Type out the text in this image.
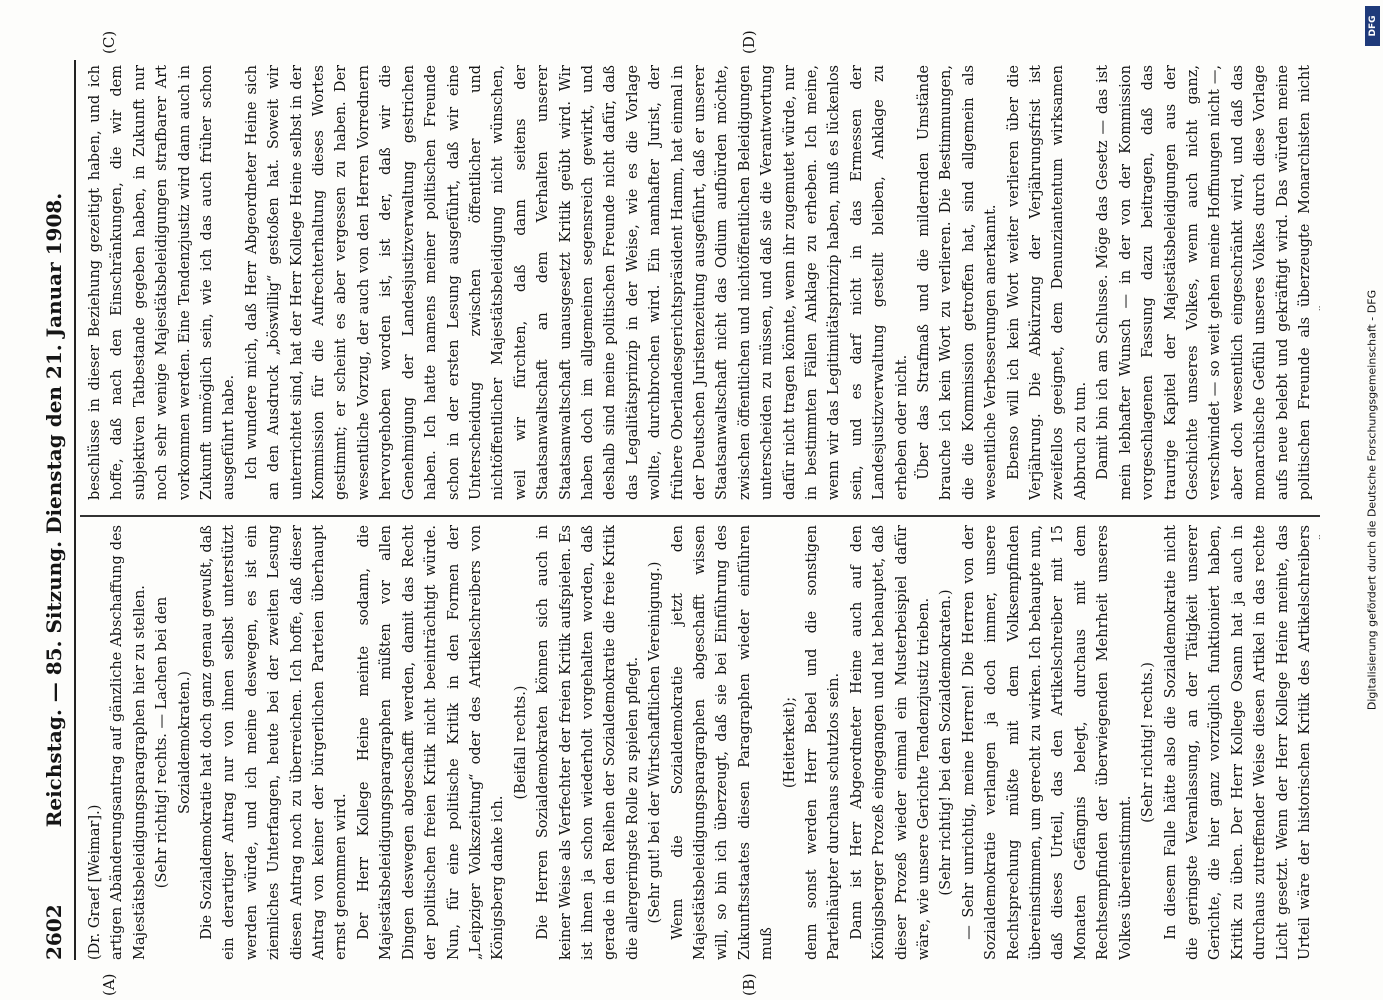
2602
Reichstag. — 85. Sitzung. Dienstag den 21. Januar 1908.
(A)	(B)
(C)	(D)

(Dr. Graef [Weimar].) artigen Abänderungsantrag auf gänzliche Abschaffung des Majestätsbeleidigungsparagraphen hier zu stellen. (Sehr richtig! rechts. — Lachen bei den Sozialdemokraten.) Die Sozialdemokratie hat doch ganz genau gewußt, daß ein derartiger Antrag nur von ihnen selbst unterstützt werden würde, und ich meine deswegen, es ist ein ziemliches Unterfangen, heute bei der zweiten Lesung diesen Antrag noch zu überreichen. Ich hoffe, daß dieser Antrag von keiner der bürgerlichen Parteien überhaupt ernst genommen wird. Der Herr Kollege Heine meinte sodann, die Majestätsbeleidigungsparagraphen müßten vor allen Dingen deswegen abgeschafft werden, damit das Recht der politischen freien Kritik nicht beeinträchtigt würde. Nun, für eine politische Kritik in den Formen der „Leipziger Volkszeitung“ oder des Artikelschreibers von Königsberg danke ich.

(Beifall rechts.) Die Herren Sozialdemokraten können sich auch in keiner Weise als Verfechter der freien Kritik aufspielen. Es ist ihnen ja schon wiederholt vorgehalten worden, daß gerade in den Reihen der Sozialdemokratie die freie Kritik die allergeringste Rolle zu spielen pflegt. (Sehr gut! bei der Wirtschaftlichen Vereinigung.) Wenn die Sozialdemokratie jetzt den Majestätsbeleidigungsparagraphen abgeschafft wissen will, so bin ich überzeugt, daß sie bei Einführung des Zukunftsstaates diesen Paragraphen wieder einführen muß

(Heiterkeit); denn sonst werden Herr Bebel und die sonstigen Parteihäupter durchaus schutzlos sein. Dann ist Herr Abgeordneter Heine auch auf den Königsberger Prozeß eingegangen und hat behauptet, daß dieser Prozeß wieder einmal ein Musterbeispiel dafür wäre, wie unsere Gerichte Tendenzjustiz trieben. (Sehr richtig! bei den Sozialdemokraten.) — Sehr unrichtig, meine Herren! Die Herren von der Sozialdemokratie verlangen ja doch immer, unsere Rechtsprechung müßte mit dem Volksempfinden übereinstimmen, um gerecht zu wirken. Ich behaupte nun, daß dieses Urteil, das den Artikelschreiber mit 15 Monaten Gefängnis belegt, durchaus mit dem Rechtsempfinden der überwiegenden Mehrheit unseres Volkes übereinstimmt.

(Sehr richtig! rechts.)

In diesem Falle hätte also die Sozialdemokratie nicht die geringste Veranlassung, an der Tätigkeit unserer Gerichte, die hier ganz vorzüglich funktioniert haben, Kritik zu üben. Der Herr Kollege Osann hat ja auch in durchaus zutreffender Weise diesen Artikel in das rechte Licht gesetzt. Wenn der Herr Kollege Heine meinte, das Urteil wäre der historischen Kritik des Artikelschreibers

beschlüsse in dieser Beziehung gezeitigt haben, und ich hoffe, daß nach den Einschränkungen, die wir dem subjektiven Tatbestande gegeben haben, in Zukunft nur noch sehr wenige Majestätsbeleidigungen strafbarer Art vorkommen werden. Eine Tendenzjustiz wird dann auch in Zukunft unmöglich sein, wie ich das auch früher schon ausgeführt habe. Ich wundere mich, daß Herr Abgeordneter Heine sich an den Ausdruck „böswillig“ gestoßen hat. Soweit wir unterrichtet sind, hat der Herr Kollege Heine selbst in der Kommission für die Aufrechterhaltung dieses Wortes gestimmt; er scheint es aber vergessen zu haben. Der wesentliche Vorzug, der auch von den Herren Vorrednern hervorgehoben worden ist, ist der, daß wir die Genehmigung der Landesjustizverwaltung gestrichen haben. Ich hatte namens meiner politischen Freunde schon in der ersten Lesung ausgeführt, daß wir eine Unterscheidung zwischen öffentlicher und nichtöffentlicher Majestätsbeleidigung nicht wünschen, weil wir fürchten, daß dann seitens der Staatsanwaltschaft an dem Verhalten unserer Staatsanwaltschaft unausgesetzt Kritik geübt wird. Wir haben doch im allgemeinen segensreich gewirkt, und deshalb sind meine politischen Freunde nicht dafür, daß das Legalitätsprinzip in der Weise, wie es die Vorlage wollte, durchbrochen wird. Ein namhafter Jurist, der frühere Oberlandesgerichtspräsident Hamm, hat einmal in der Deutschen Juristenzeitung ausgeführt, daß er unserer Staatsanwaltschaft nicht das Odium aufbürden möchte, zwischen öffentlichen und nichtöffentlichen Beleidigungen unterscheiden zu müssen, und daß sie die Verantwortung dafür nicht tragen könnte, wenn ihr zugemutet würde, nur in bestimmten Fällen Anklage zu erheben. Ich meine, wenn wir das Legitimitätsprinzip haben, muß es lückenlos sein, und es darf nicht in das Ermessen der Landesjustizverwaltung gestellt bleiben, Anklage zu erheben oder nicht. Über das Strafmaß und die mildernden Umstände brauche ich kein Wort zu verlieren. Die Bestimmungen, die die Kommission getroffen hat, sind allgemein als wesentliche Verbesserungen anerkannt. Ebenso will ich kein Wort weiter verlieren über die Verjährung. Die Abkürzung der Verjährungsfrist ist zweifellos geeignet, dem Denunziantentum wirksamen Abbruch zu tun. Damit bin ich am Schlusse. Möge das Gesetz — das ist mein lebhafter Wunsch — in der von der Kommission vorgeschlagenen Fassung dazu beitragen, daß das traurige Kapitel der Majestätsbeleidigungen aus der Geschichte unseres Volkes, wenn auch nicht ganz, verschwindet — so weit gehen meine Hoffnungen nicht —, aber doch wesentlich eingeschränkt wird, und daß das monarchische Gefühl unseres Volkes durch diese Vorlage aufs neue belebt und gekräftigt wird. Das würden meine politischen Freunde als überzeugte Monarchisten nicht

DFG
Digitalisierung gefördert durch die Deutsche Forschungsgemeinschaft - DFG
